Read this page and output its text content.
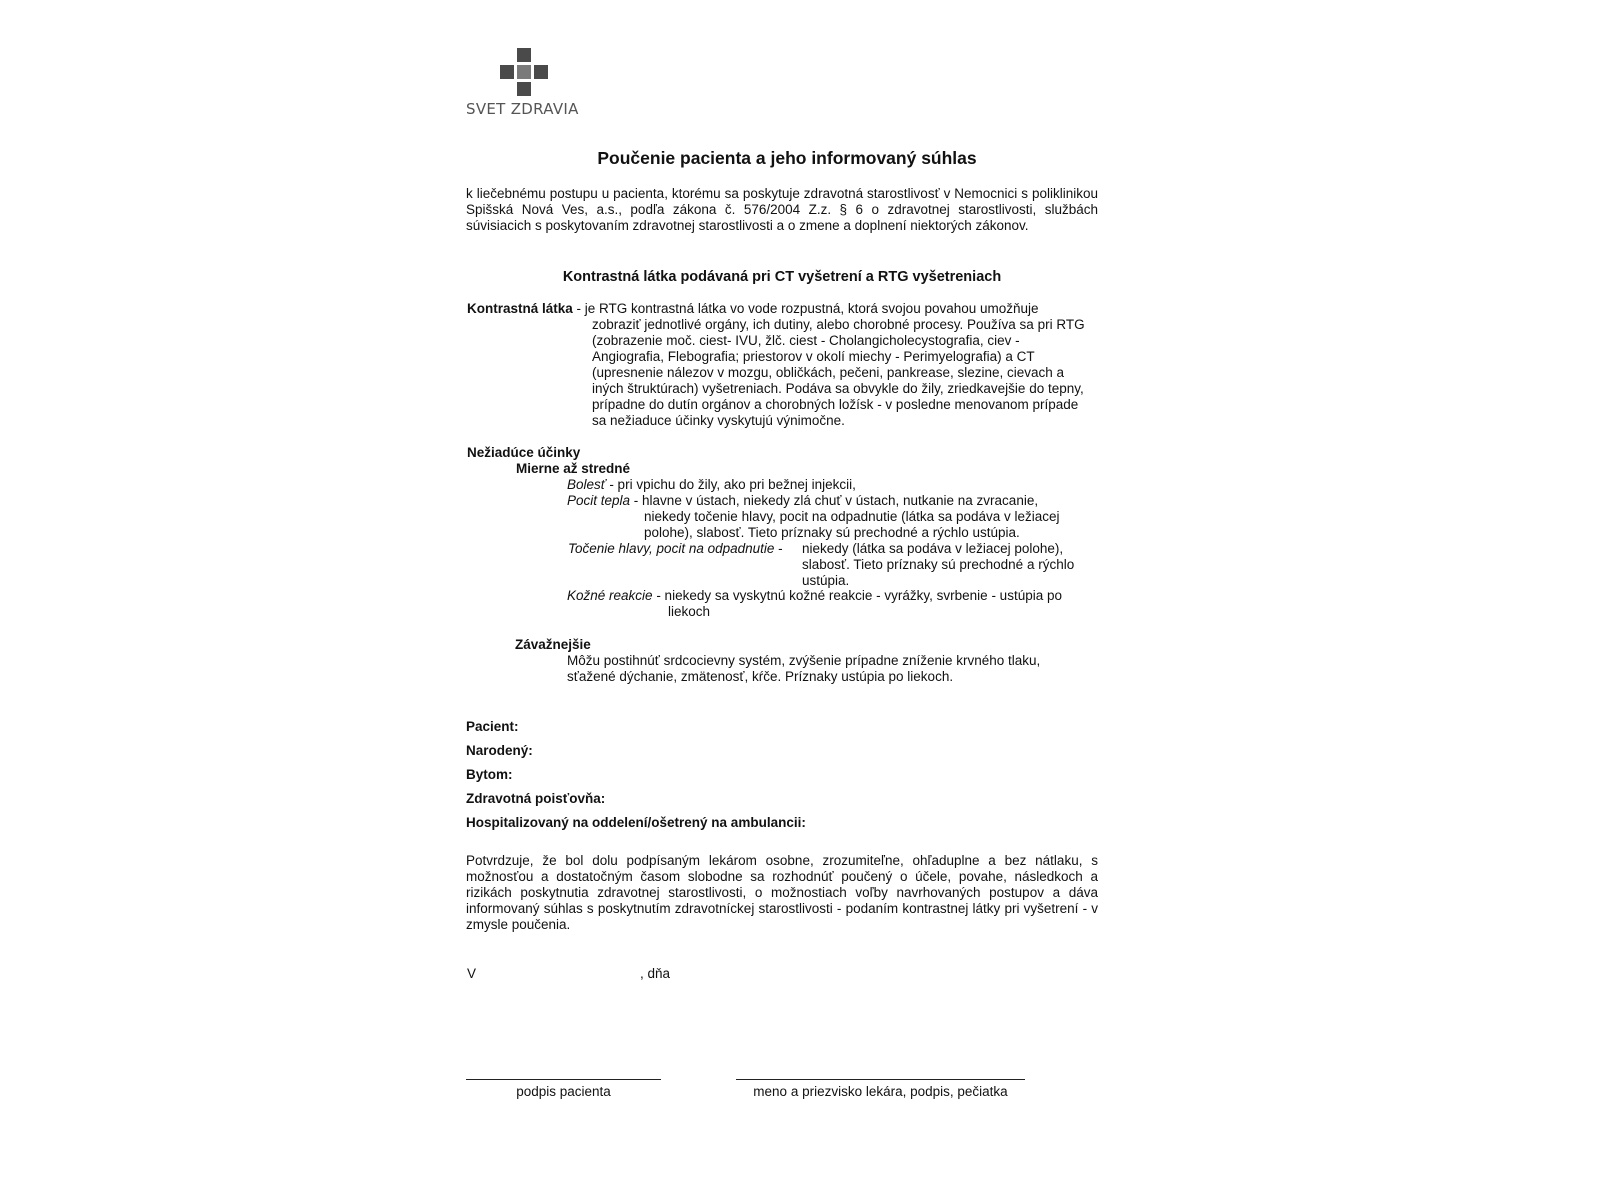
SVET ZDRAVIA
Poučenie pacienta a jeho informovaný súhlas
k liečebnému postupu u pacienta, ktorému sa poskytuje zdravotná starostlivosť v Nemocnici s poliklinikou Spišská Nová Ves, a.s., podľa zákona č. 576/2004 Z.z. § 6 o zdravotnej starostlivosti, službách súvisiacich s poskytovaním zdravotnej starostlivosti a o zmene a doplnení niektorých zákonov.
Kontrastná látka podávaná pri CT vyšetrení a RTG vyšetreniach
Kontrastná látka - je RTG kontrastná látka vo vode rozpustná, ktorá svojou povahou umožňuje
zobraziť jednotlivé orgány, ich dutiny, alebo chorobné procesy. Používa sa pri RTG (zobrazenie moč. ciest- IVU, žlč. ciest - Cholangicholecystografia, ciev - Angiografia, Flebografia; priestorov v okolí miechy - Perimyelografia) a CT (upresnenie nálezov v mozgu, obličkách, pečeni, pankrease, slezine, cievach a iných štruktúrach) vyšetreniach. Podáva sa obvykle do žily, zriedkavejšie do tepny, prípadne do dutín orgánov a chorobných ložísk - v posledne menovanom prípade sa nežiaduce účinky vyskytujú výnimočne.
Nežiadúce účinky
Mierne až stredné
Bolesť - pri vpichu do žily, ako pri bežnej injekcii,
Pocit tepla - hlavne v ústach, niekedy zlá chuť v ústach, nutkanie na zvracanie,
niekedy točenie hlavy, pocit na odpadnutie (látka sa podáva v ležiacej polohe), slabosť. Tieto príznaky sú prechodné a rýchlo ustúpia.
Točenie hlavy, pocit na odpadnutie - niekedy (látka sa podáva v ležiacej polohe), slabosť. Tieto príznaky sú prechodné a rýchlo ustúpia.
Kožné reakcie - niekedy sa vyskytnú kožné reakcie - vyrážky, svrbenie - ustúpia po
liekoch
Závažnejšie
Môžu postihnúť srdcocievny systém, zvýšenie prípadne zníženie krvného tlaku, sťažené dýchanie, zmätenosť, kŕče. Príznaky ustúpia po liekoch.
Pacient:
Narodený:
Bytom:
Zdravotná poisťovňa:
Hospitalizovaný na oddelení/ošetrený na ambulancii:
Potvrdzuje, že bol dolu podpísaným lekárom osobne, zrozumiteľne, ohľaduplne a bez nátlaku, s možnosťou a dostatočným časom slobodne sa rozhodnúť poučený o účele, povahe, následkoch a rizikách poskytnutia zdravotnej starostlivosti, o možnostiach voľby navrhovaných postupov a dáva informovaný súhlas s poskytnutím zdravotníckej starostlivosti - podaním kontrastnej látky pri vyšetrení - v zmysle poučenia.
V	, dňa
podpis pacienta	meno a priezvisko lekára, podpis, pečiatka
